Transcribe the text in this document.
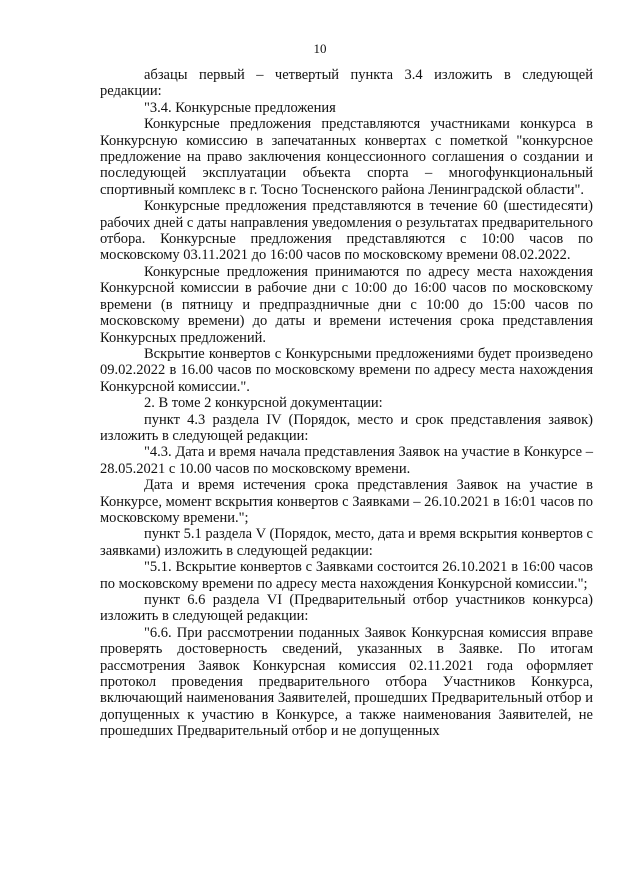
10

абзацы первый – четвертый пункта 3.4 изложить в следующей редакции:

"3.4. Конкурсные предложения

Конкурсные предложения представляются участниками конкурса в Конкурсную комиссию в запечатанных конвертах с пометкой "конкурсное предложение на право заключения концессионного соглашения о создании и последующей эксплуатации объекта спорта – многофункциональный спортивный комплекс в г. Тосно Тосненского района Ленинградской области".

Конкурсные предложения представляются в течение 60 (шестидесяти) рабочих дней с даты направления уведомления о результатах предварительного отбора. Конкурсные предложения представляются с 10:00 часов по московскому 03.11.2021 до 16:00 часов по московскому времени 08.02.2022.

Конкурсные предложения принимаются по адресу места нахождения Конкурсной комиссии в рабочие дни с 10:00 до 16:00 часов по московскому времени (в пятницу и предпраздничные дни с 10:00 до 15:00 часов по московскому времени) до даты и времени истечения срока представления Конкурсных предложений.

Вскрытие конвертов с Конкурсными предложениями будет произведено 09.02.2022 в 16.00 часов по московскому времени по адресу места нахождения Конкурсной комиссии.".

2. В томе 2 конкурсной документации:

пункт 4.3 раздела IV (Порядок, место и срок представления заявок) изложить в следующей редакции:

"4.3. Дата и время начала представления Заявок на участие в Конкурсе – 28.05.2021 с 10.00 часов по московскому времени.

Дата и время истечения срока представления Заявок на участие в Конкурсе, момент вскрытия конвертов с Заявками – 26.10.2021 в 16:01 часов по московскому времени.";

пункт 5.1 раздела V (Порядок, место, дата и время вскрытия конвертов с заявками) изложить в следующей редакции:

"5.1. Вскрытие конвертов с Заявками состоится 26.10.2021 в 16:00 часов по московскому времени по адресу места нахождения Конкурсной комиссии.";

пункт 6.6 раздела VI (Предварительный отбор участников конкурса) изложить в следующей редакции:

"6.6. При рассмотрении поданных Заявок Конкурсная комиссия вправе проверять достоверность сведений, указанных в Заявке. По итогам рассмотрения Заявок Конкурсная комиссия 02.11.2021 года оформляет протокол проведения предварительного отбора Участников Конкурса, включающий наименования Заявителей, прошедших Предварительный отбор и допущенных к участию в Конкурсе, а также наименования Заявителей, не прошедших Предварительный отбор и не допущенных
